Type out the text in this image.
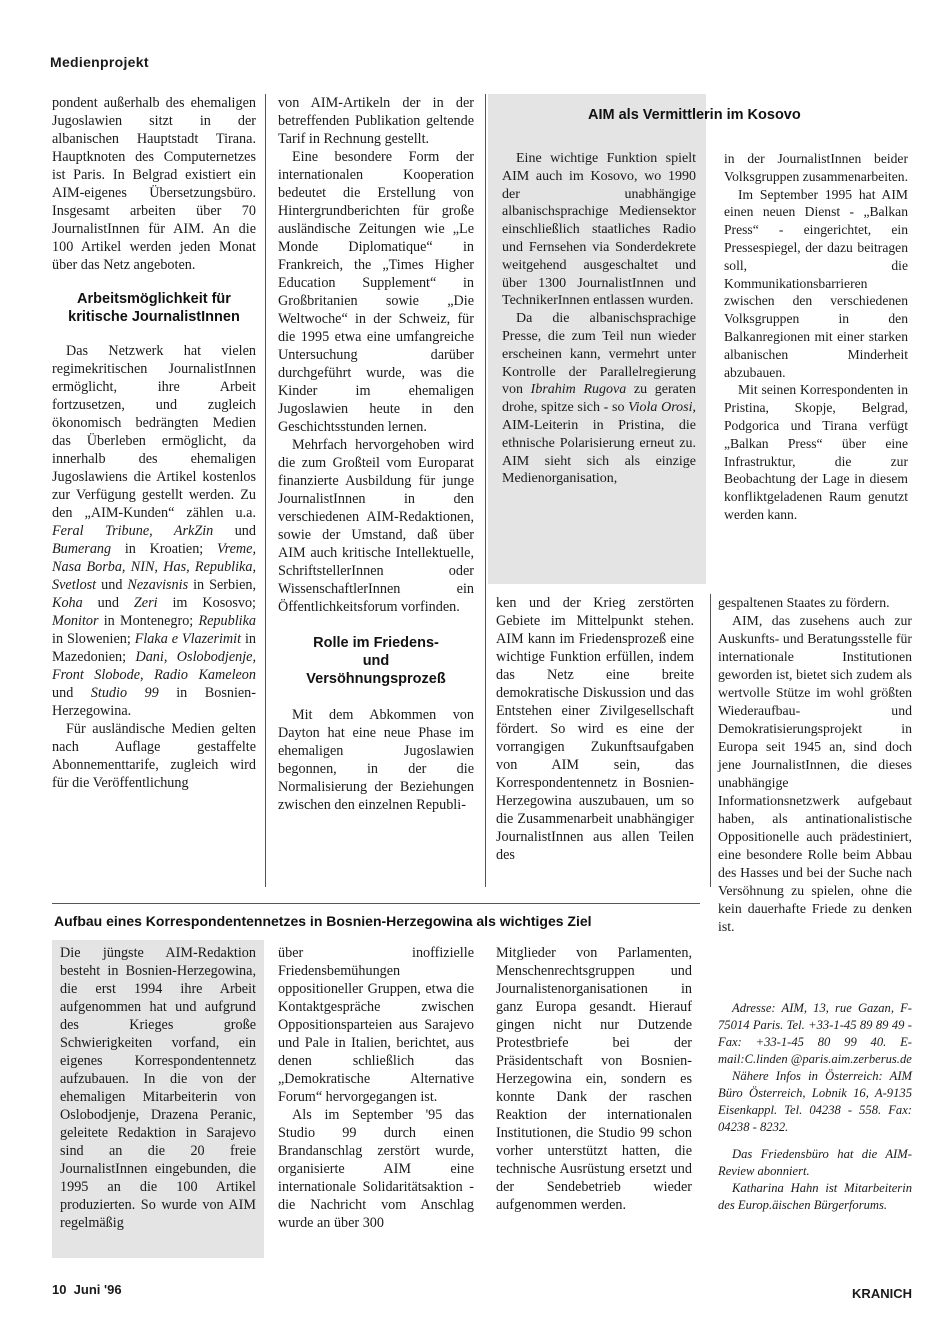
Medienprojekt

pondent außerhalb des ehemaligen Jugoslawien sitzt in der albanischen Hauptstadt Tirana. Hauptknoten des Computernetzes ist Paris. In Belgrad existiert ein AIM-eigenes Übersetzungsbüro. Insgesamt arbeiten über 70 JournalistInnen für AIM. An die 100 Artikel werden jeden Monat über das Netz angeboten.

Arbeitsmöglichkeit für kritische JournalistInnen

Das Netzwerk hat vielen regimekritischen JournalistInnen ermöglicht, ihre Arbeit fortzusetzen, und zugleich ökonomisch bedrängten Medien das Überleben ermöglicht, da innerhalb des ehemaligen Jugoslawiens die Artikel kostenlos zur Verfügung gestellt werden. Zu den „AIM-Kunden“ zählen u.a. Feral Tribune, ArkZin und Bumerang in Kroatien; Vreme, Nasa Borba, NIN, Has, Republika, Svetlost und Nezavisnis in Serbien, Koha und Zeri im Kososvo; Monitor in Montenegro; Republika in Slowenien; Flaka e Vlazerimit in Mazedonien; Dani, Oslobodjenje, Front Slobode, Radio Kameleon und Studio 99 in Bosnien-Herzegowina.

Für ausländische Medien gelten nach Auflage gestaffelte Abonnementtarife, zugleich wird für die Veröffentlichung

von AIM-Artikeln der in der betreffenden Publikation geltende Tarif in Rechnung gestellt.

Eine besondere Form der internationalen Kooperation bedeutet die Erstellung von Hintergrundberichten für große ausländische Zeitungen wie „Le Monde Diplomatique“ in Frankreich, the „Times Higher Education Supplement“ in Großbritanien sowie „Die Weltwoche“ in der Schweiz, für die 1995 etwa eine umfangreiche Untersuchung darüber durchgeführt wurde, was die Kinder im ehemaligen Jugoslawien heute in den Geschichtsstunden lernen.

Mehrfach hervorgehoben wird die zum Großteil vom Europarat finanzierte Ausbildung für junge JournalistInnen in den verschiedenen AIM-Redaktionen, sowie der Umstand, daß über AIM auch kritische Intellektuelle, SchriftstellerInnen oder WissenschaftlerInnen ein Öffentlichkeitsforum vorfinden.

Rolle im Friedens- und Versöhnungsprozeß

Mit dem Abkommen von Dayton hat eine neue Phase im ehemaligen Jugoslawien begonnen, in der die Normalisierung der Beziehungen zwischen den einzelnen Republi-

AIM als Vermittlerin im Kosovo

Eine wichtige Funktion spielt AIM auch im Kosovo, wo 1990 der unabhängige albanischsprachige Mediensektor einschließlich staatliches Radio und Fernsehen via Sonderdekrete weitgehend ausgeschaltet und über 1300 JournalistInnen und TechnikerInnen entlassen wurden.

Da die albanischsprachige Presse, die zum Teil nun wieder erscheinen kann, vermehrt unter Kontrolle der Parallelregierung von Ibrahim Rugova zu geraten drohe, spitze sich - so Viola Orosi, AIM-Leiterin in Pristina, die ethnische Polarisierung erneut zu. AIM sieht sich als einzige Medienorganisation,

in der JournalistInnen beider Volksgruppen zusammenarbeiten.

Im September 1995 hat AIM einen neuen Dienst - „Balkan Press“ - eingerichtet, ein Pressespiegel, der dazu beitragen soll, die Kommunikationsbarrieren zwischen den verschiedenen Volksgruppen in den Balkanregionen mit einer starken albanischen Minderheit abzubauen.

Mit seinen Korrespondenten in Pristina, Skopje, Belgrad, Podgorica und Tirana verfügt „Balkan Press“ über eine Infrastruktur, die zur Beobachtung der Lage in diesem konfliktgeladenen Raum genutzt werden kann.

ken und der Krieg zerstörten Gebiete im Mittelpunkt stehen. AIM kann im Friedensprozeß eine wichtige Funktion erfüllen, indem das Netz eine breite demokratische Diskussion und das Entstehen einer Zivilgesellschaft fördert. So wird es eine der vorrangigen Zukunftsaufgaben von AIM sein, das Korrespondentennetz in Bosnien-Herzegowina auszubauen, um so die Zusammenarbeit unabhängiger JournalistInnen aus allen Teilen des

gespaltenen Staates zu fördern.

AIM, das zusehens auch zur Auskunfts- und Beratungsstelle für internationale Institutionen geworden ist, bietet sich zudem als wertvolle Stütze im wohl größten Wiederaufbau- und Demokratisierungsprojekt in Europa seit 1945 an, sind doch jene JournalistInnen, die dieses unabhängige Informationsnetzwerk aufgebaut haben, als antinationalistische Oppositionelle auch prädestiniert, eine besondere Rolle beim Abbau des Hasses und bei der Suche nach Versöhnung zu spielen, ohne die kein dauerhafte Friede zu denken ist.

Adresse: AIM, 13, rue Gazan, F-75014 Paris. Tel. +33-1-45 89 89 49 - Fax: +33-1-45 80 99 40. E-mail:C.linden @paris.aim.zerberus.de

Nähere Infos in Österreich: AIM Büro Österreich, Lobnik 16, A-9135 Eisenkappl. Tel. 04238 - 558. Fax: 04238 - 8232.

Das Friedensbüro hat die AIM-Review abonniert.

Katharina Hahn ist Mitarbeiterin des Europ.äischen Bürgerforums.

Aufbau eines Korrespondentennetzes in Bosnien-Herzegowina als wichtiges Ziel

Die jüngste AIM-Redaktion besteht in Bosnien-Herzegowina, die erst 1994 ihre Arbeit aufgenommen hat und aufgrund des Krieges große Schwierigkeiten vorfand, ein eigenes Korrespondentennetz aufzubauen. In die von der ehemaligen Mitarbeiterin von Oslobodjenje, Drazena Peranic, geleitete Redaktion in Sarajevo sind an die 20 freie JournalistInnen eingebunden, die 1995 an die 100 Artikel produzierten. So wurde von AIM regelmäßig

über inoffizielle Friedensbemühungen oppositioneller Gruppen, etwa die Kontaktgespräche zwischen Oppositionsparteien aus Sarajevo und Pale in Italien, berichtet, aus denen schließlich das „Demokratische Alternative Forum“ hervorgegangen ist.

Als im September '95 das Studio 99 durch einen Brandanschlag zerstört wurde, organisierte AIM eine internationale Solidaritätsaktion - die Nachricht vom Anschlag wurde an über 300

Mitglieder von Parlamenten, Menschenrechtsgruppen und Journalistenorganisationen in ganz Europa gesandt. Hierauf gingen nicht nur Dutzende Protestbriefe bei der Präsidentschaft von Bosnien-Herzegowina ein, sondern es konnte Dank der raschen Reaktion der internationalen Institutionen, die Studio 99 schon vorher unterstützt hatten, die technische Ausrüstung ersetzt und der Sendebetrieb wieder aufgenommen werden.

10  Juni '96	KRANICH
